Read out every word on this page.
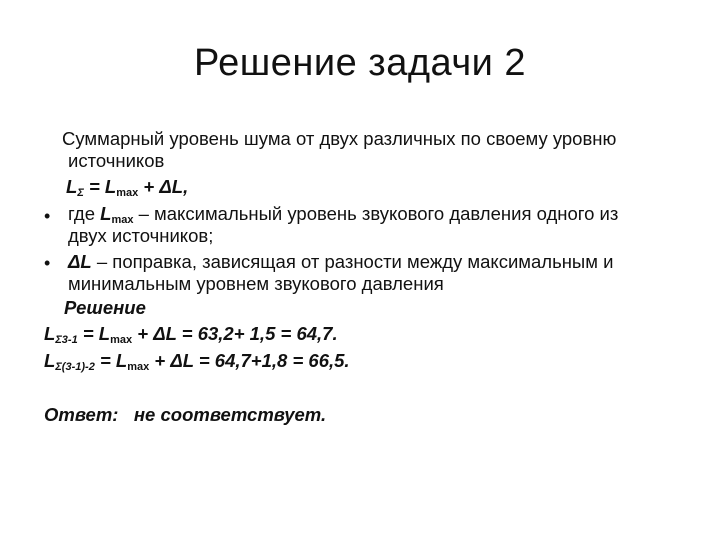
Решение задачи 2
Суммарный уровень шума от двух различных по своему уровню
источников
$L\Sigma = L_{max} + \Delta L$,
• где $L_{max}$ – максимальный уровень звукового давления одного из
двух источников;
• ΔL – поправка, зависящая от разности между максимальным и
минимальным уровнем звукового давления
Решение
$L\Sigma 3-1 = L_{max} + \Delta L = 63,2+ 1,5 = 64,7$.
$L\Sigma(3-1)-2 = L_{max} + \Delta L = 64,7+1,8 = 66,5$.
Ответ: не соответствует.
